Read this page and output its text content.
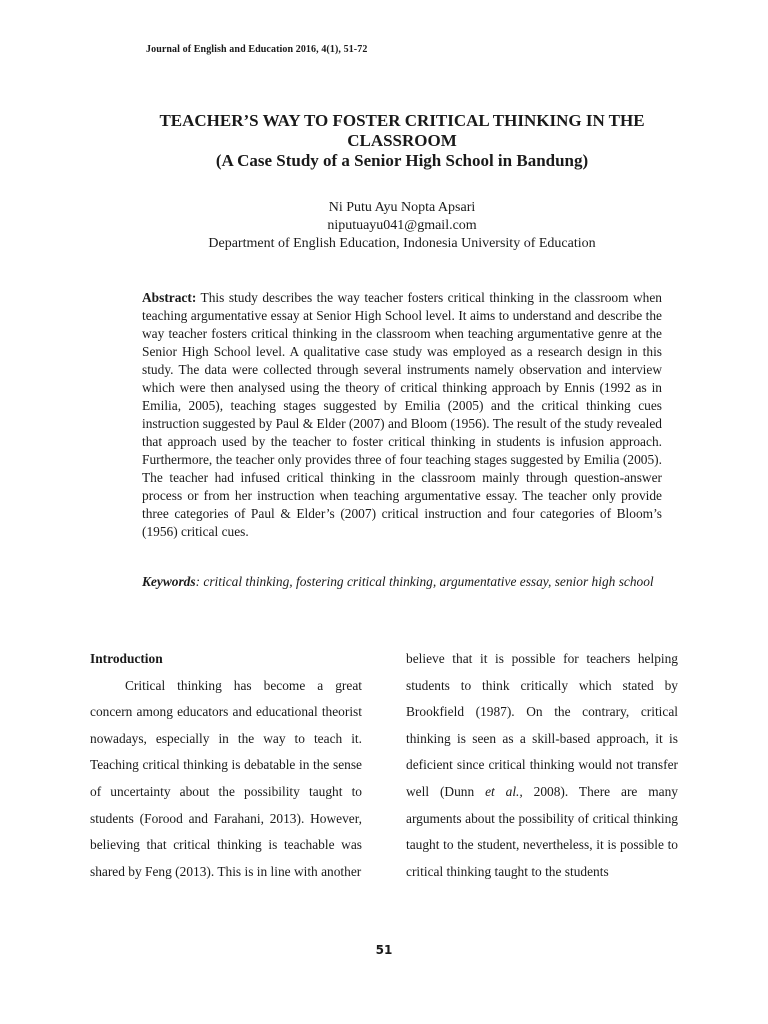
Journal of English and Education 2016, 4(1), 51-72
TEACHER’S WAY TO FOSTER CRITICAL THINKING IN THE
CLASSROOM
(A Case Study of a Senior High School in Bandung)
Ni Putu Ayu Nopta Apsari
niputuayu041@gmail.com
Department of English Education, Indonesia University of Education
Abstract: This study describes the way teacher fosters critical thinking in the classroom when teaching argumentative essay at Senior High School level. It aims to understand and describe the way teacher fosters critical thinking in the classroom when teaching argumentative genre at the Senior High School level. A qualitative case study was employed as a research design in this study. The data were collected through several instruments namely observation and interview which were then analysed using the theory of critical thinking approach by Ennis (1992 as in Emilia, 2005), teaching stages suggested by Emilia (2005) and the critical thinking cues instruction suggested by Paul & Elder (2007) and Bloom (1956). The result of the study revealed that approach used by the teacher to foster critical thinking in students is infusion approach. Furthermore, the teacher only provides three of four teaching stages suggested by Emilia (2005). The teacher had infused critical thinking in the classroom mainly through question-answer process or from her instruction when teaching argumentative essay. The teacher only provide three categories of Paul & Elder’s (2007) critical instruction and four categories of Bloom’s (1956) critical cues.
Keywords: critical thinking, fostering critical thinking, argumentative essay, senior high school
Introduction

Critical thinking has become a great concern among educators and educational theorist nowadays, especially in the way to teach it. Teaching critical thinking is debatable in the sense of uncertainty about the possibility taught to students (Forood and Farahani, 2013). However, believing that critical thinking is teachable was shared by Feng (2013). This is in line with another

believe that it is possible for teachers helping students to think critically which stated by Brookfield (1987). On the contrary, critical thinking is seen as a skill-based approach, it is deficient since critical thinking would not transfer well (Dunn et al., 2008). There are many arguments about the possibility of critical thinking taught to the student, nevertheless, it is possible to critical thinking taught to the students

51
